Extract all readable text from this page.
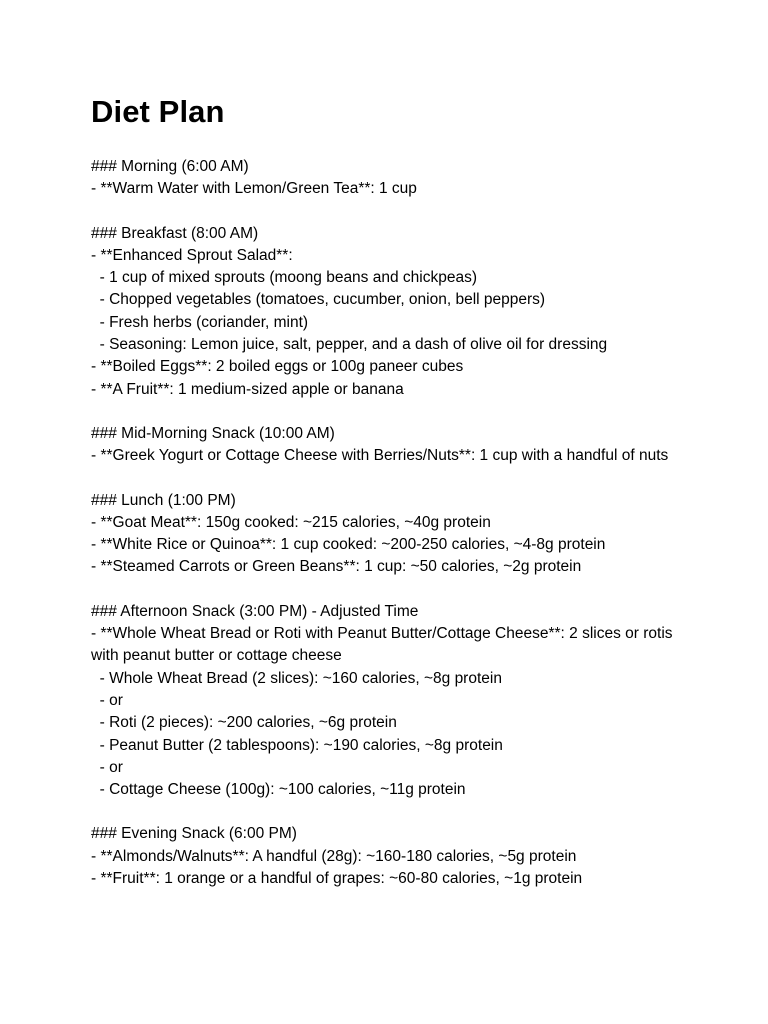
Diet Plan

### Morning (6:00 AM)

- **Warm Water with Lemon/Green Tea**: 1 cup

### Breakfast (8:00 AM)

- **Enhanced Sprout Salad**:

- 1 cup of mixed sprouts (moong beans and chickpeas)

- Chopped vegetables (tomatoes, cucumber, onion, bell peppers)

- Fresh herbs (coriander, mint)

- Seasoning: Lemon juice, salt, pepper, and a dash of olive oil for dressing

- **Boiled Eggs**: 2 boiled eggs or 100g paneer cubes

- **A Fruit**: 1 medium-sized apple or banana

### Mid-Morning Snack (10:00 AM)

- **Greek Yogurt or Cottage Cheese with Berries/Nuts**: 1 cup with a handful of nuts

### Lunch (1:00 PM)

- **Goat Meat**: 150g cooked: ~215 calories, ~40g protein

- **White Rice or Quinoa**: 1 cup cooked: ~200-250 calories, ~4-8g protein

- **Steamed Carrots or Green Beans**: 1 cup: ~50 calories, ~2g protein

### Afternoon Snack (3:00 PM) - Adjusted Time

- **Whole Wheat Bread or Roti with Peanut Butter/Cottage Cheese**: 2 slices or rotis with peanut butter or cottage cheese

- Whole Wheat Bread (2 slices): ~160 calories, ~8g protein

- or

- Roti (2 pieces): ~200 calories, ~6g protein

- Peanut Butter (2 tablespoons): ~190 calories, ~8g protein

- or

- Cottage Cheese (100g): ~100 calories, ~11g protein

### Evening Snack (6:00 PM)

- **Almonds/Walnuts**: A handful (28g): ~160-180 calories, ~5g protein

- **Fruit**: 1 orange or a handful of grapes: ~60-80 calories, ~1g protein
